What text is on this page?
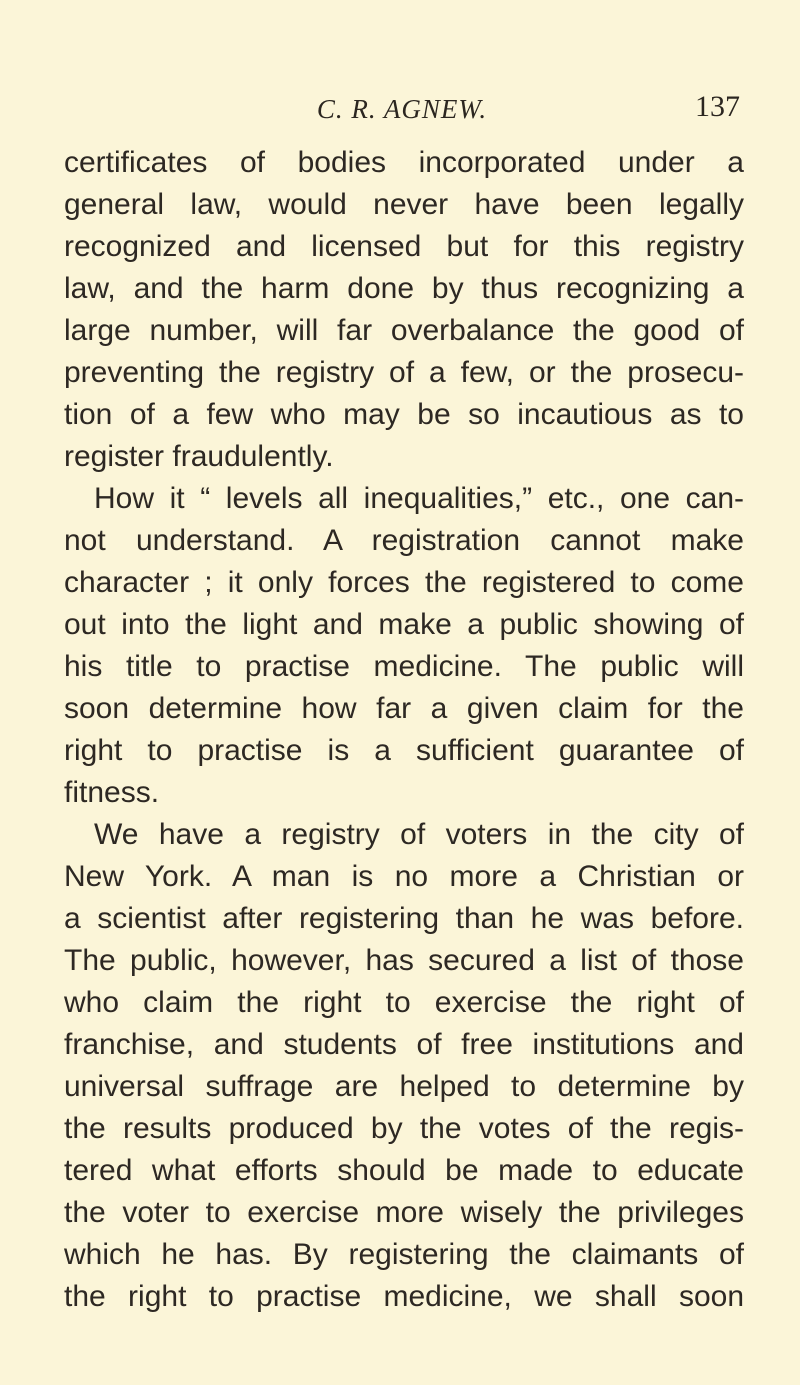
C. R. AGNEW.	137
certificates of bodies incorporated under a
general law, would never have been legally
recognized and licensed but for this registry
law, and the harm done by thus recognizing a
large number, will far overbalance the good of
preventing the registry of a few, or the prosecu-
tion of a few who may be so incautious as to
register fraudulently.
How it “ levels all inequalities,” etc., one can-
not understand. A registration cannot make
character ; it only forces the registered to come
out into the light and make a public showing of
his title to practise medicine. The public will
soon determine how far a given claim for the
right to practise is a sufficient guarantee of
fitness.
We have a registry of voters in the city of
New York. A man is no more a Christian or
a scientist after registering than he was before.
The public, however, has secured a list of those
who claim the right to exercise the right of
franchise, and students of free institutions and
universal suffrage are helped to determine by
the results produced by the votes of the regis-
tered what efforts should be made to educate
the voter to exercise more wisely the privileges
which he has. By registering the claimants of
the right to practise medicine, we shall soon
